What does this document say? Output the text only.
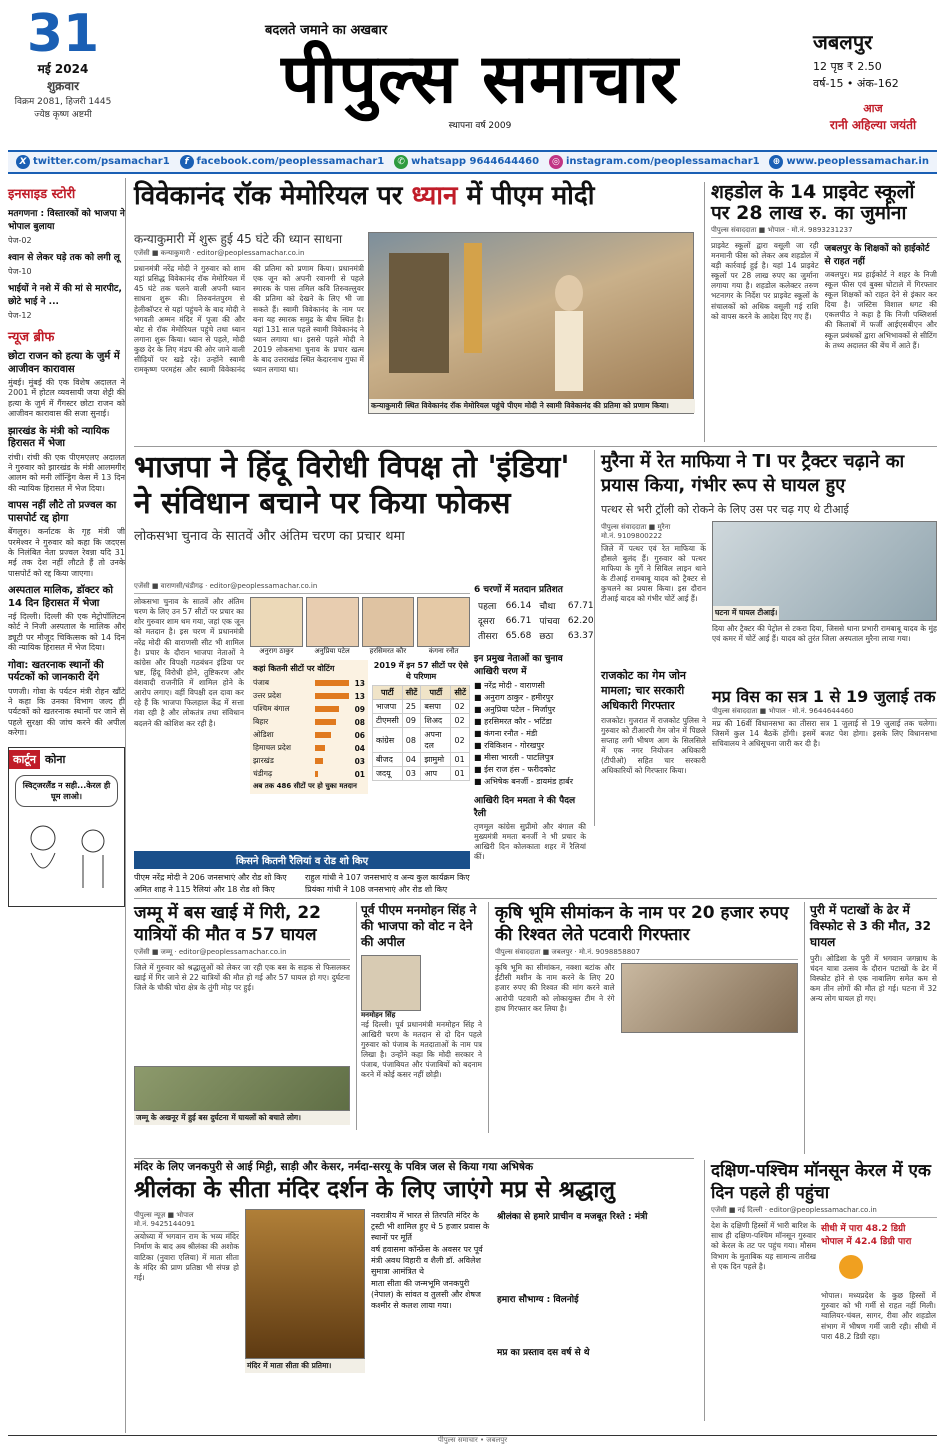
31
मई 2024
शुक्रवार
विक्रम 2081, हिजरी 1445
ज्येष्ठ कृष्ण अष्टमी
बदलते जमाने का अखबार
पीपुल्स समाचार
स्थापना वर्ष 2009
जबलपुर
12 पृष्ठ ₹ 2.50
वर्ष-15 • अंक-162
आज
रानी अहिल्या जयंती
X twitter.com/psamachar1	f facebook.com/peoplessamachar1	✆ whatsapp 9644644460	◎ instagram.com/peoplessamachar1	⊕ www.peoplessamachar.in
इनसाइड स्टोरी
मतगणना : विस्तारकों को भाजपा ने भोपाल बुलाया
पेज-02
श्वान से लेकर घड़े तक को लगी लू
पेज-10
भाईयों ने नशे में की मां से मारपीट, छोटे भाई ने ...
पेज-12
न्यूज ब्रीफ
छोटा राजन को हत्या के जुर्म में आजीवन कारावास
मुंबई। मुंबई की एक विशेष अदालत ने 2001 में होटल व्यवसायी जया शेट्टी की हत्या के जुर्म में गैंगस्टर छोटा राजन को आजीवन कारावास की सजा सुनाई।
झारखंड के मंत्री को न्यायिक हिरासत में भेजा
रांची। रांची की एक पीएमएलए अदालत ने गुरुवार को झारखंड के मंत्री आलमगीर आलम को मनी लॉन्ड्रिंग केस में 13 दिन की न्यायिक हिरासत में भेज दिया।
वापस नहीं लौटे तो प्रज्वल का पासपोर्ट रद्द होगा
बेंगलुरु। कर्नाटक के गृह मंत्री जी परमेश्वर ने गुरुवार को कहा कि जदएस के निलंबित नेता प्रज्वल रेवन्ना यदि 31 मई तक देश नहीं लौटते हैं तो उनके पासपोर्ट को रद्द किया जाएगा।
अस्पताल मालिक, डॉक्टर को 14 दिन हिरासत में भेजा
नई दिल्ली। दिल्ली की एक मेट्रोपॉलिटन कोर्ट ने निजी अस्पताल के मालिक और ड्यूटी पर मौजूद चिकित्सक को 14 दिन की न्यायिक हिरासत में भेज दिया।
गोवा: खतरनाक स्थानों की पर्यटकों को जानकारी देंगे
पणजी। गोवा के पर्यटन मंत्री रोहन खौंटे ने कहा कि उनका विभाग जल्द ही पर्यटकों को खतरनाक स्थानों पर जाने से पहले सुरक्षा की जांच करने की अपील करेगा।
कार्टून कोना
स्विट्जरलैंड न सही...केरल ही घूम लाओ।
विवेकानंद रॉक मेमोरियल पर ध्यान में पीएम मोदी
कन्याकुमारी में शुरू हुई 45 घंटे की ध्यान साधना
एजेंसी ■ कन्याकुमारी · editor@peoplessamachar.co.in
प्रधानमंत्री नरेंद्र मोदी ने गुरुवार को शाम यहां प्रसिद्ध विवेकानंद रॉक मेमोरियल में 45 घंटे तक चलने वाली अपनी ध्यान साधना शुरू की। तिरुवनंतपुरम से हेलीकॉप्टर से यहां पहुंचने के बाद मोदी ने भगवती अम्मन मंदिर में पूजा की और बोट से रॉक मेमोरियल पहुंचे तथा ध्यान लगाना शुरू किया। ध्यान से पहले, मोदी कुछ देर के लिए मंडप की ओर जाने वाली सीढ़ियों पर खड़े रहे। उन्होंने स्वामी रामकृष्ण परमहंस और स्वामी विवेकानंद की प्रतिमा को प्रणाम किया। प्रधानमंत्री एक जून को अपनी रवानगी से पहले स्मारक के पास तमिल कवि तिरुवल्लुवर की प्रतिमा को देखने के लिए भी जा सकते हैं। स्वामी विवेकानंद के नाम पर बना यह स्मारक समुद्र के बीच स्थित है। यहां 131 साल पहले स्वामी विवेकानंद ने ध्यान लगाया था। इससे पहले मोदी ने 2019 लोकसभा चुनाव के प्रचार खत्म के बाद उत्तराखंड स्थित केदारनाथ गुफा में ध्यान लगाया था।
कन्याकुमारी स्थित विवेकानंद रॉक मेमोरियल पहुंचे पीएम मोदी ने स्वामी विवेकानंद की प्रतिमा को प्रणाम किया।
शहडोल के 14 प्राइवेट स्कूलों पर 28 लाख रु. का जुर्माना
पीपुल्स संवाददाता ■ भोपाल · मो.नं. 9893231237
प्राइवेट स्कूलों द्वारा वसूली जा रही मनमानी फीस को लेकर अब शहडोल में बड़ी कार्रवाई हुई है। यहां 14 प्राइवेट स्कूलों पर 28 लाख रुपए का जुर्माना लगाया गया है। शहडोल कलेक्टर तरुण भटनागर के निर्देश पर प्राइवेट स्कूलों के संचालकों को अधिक वसूली गई राशि को वापस करने के आदेश दिए गए हैं।
जबलपुर के शिक्षकों को हाईकोर्ट से राहत नहीं
जबलपुर। मप्र हाईकोर्ट ने शहर के निजी स्कूल फीस एवं बुक्स घोटाले में गिरफ्तार स्कूल शिक्षकों को राहत देने से इंकार कर दिया है। जस्टिस विशाल धगट की एकलपीठ ने कहा है कि निजी पब्लिशर्स की किताबों में फर्जी आईएसबीएन और स्कूल प्रबंधकों द्वारा अभिभावकों से सीटिंग के तथ्य अदालत की बेंच में आते हैं।
भाजपा ने हिंदू विरोधी विपक्ष तो 'इंडिया' ने संविधान बचाने पर किया फोकस
लोकसभा चुनाव के सातवें और अंतिम चरण का प्रचार थमा
एजेंसी ■ वाराणसी/चंडीगढ़ · editor@peoplessamachar.co.in
लोकसभा चुनाव के सातवें और अंतिम चरण के लिए उन 57 सीटों पर प्रचार का शोर गुरुवार शाम थम गया, जहां एक जून को मतदान है। इस चरण में प्रधानमंत्री नरेंद्र मोदी की वाराणसी सीट भी शामिल है। प्रचार के दौरान भाजपा नेताओं ने कांग्रेस और विपक्षी गठबंधन इंडिया पर भ्रष्ट, हिंदू विरोधी होने, तुष्टिकरण और वंशवादी राजनीति में शामिल होने के आरोप लगाए। वहीं विपक्षी दल दावा कर रहे हैं कि भाजपा फिलहाल केंद्र में सत्ता गंवा रही है और लोकतंत्र तथा संविधान बदलने की कोशिश कर रही है।
अनुराग ठाकुर	अनुप्रिया पटेल	हरसिमरत कौर	कंगना रनौत
कहां कितनी सीटों पर वोटिंग
पंजाब	13
उत्तर प्रदेश	13
पश्चिम बंगाल	09
बिहार	08
ओडिशा	06
हिमाचल प्रदेश	04
झारखंड	03
चंडीगढ़	01
अब तक 486 सीटों पर हो चुका मतदान
2019 में इन 57 सीटों पर ऐसे थे परिणाम
पार्टी	सीटें	पार्टी	सीटें
भाजपा	25	बसपा	02
टीएमसी	09	शिअद	02
कांग्रेस	08	अपना दल	02
बीजद	04	झामुमो	01
जदयू	03	आप	01
किसने कितनी रैलियां व रोड शो किए
पीएम नरेंद्र मोदी ने 206 जनसभाएं और रोड शो किए
अमित शाह ने 115 रैलियां और 18 रोड शो किए
राहुल गांधी ने 107 जनसभाएं व अन्य कुल कार्यक्रम किए
प्रियंका गांधी ने 108 जनसभाएं और रोड शो किए
6 चरणों में मतदान प्रतिशत
पहला	66.14	चौथा	67.71
दूसरा	66.71	पांचवा	62.20
तीसरा	65.68	छठा	63.37
इन प्रमुख नेताओं का चुनाव आखिरी चरण में
■ नरेंद्र मोदी - वाराणसी
■ अनुराग ठाकुर - हमीरपुर
■ अनुप्रिया पटेल - मिर्जापुर
■ हरसिमरत कौर - भटिंडा
■ कंगना रनौत - मंडी
■ रविकिशन - गोरखपुर
■ मीसा भारती - पाटलिपुत्र
■ ईस राज हंस - फरीदकोट
■ अभिषेक बनर्जी - डायमंड हार्बर
आखिरी दिन ममता ने की पैदल रैली
तृणमूल कांग्रेस सुप्रीमो और बंगाल की मुख्यमंत्री ममता बनर्जी ने भी प्रचार के आखिरी दिन कोलकाता शहर में रैलियां कीं।
मुरैना में रेत माफिया ने TI पर ट्रैक्टर चढ़ाने का प्रयास किया, गंभीर रूप से घायल हुए
पत्थर से भरी ट्रॉली को रोकने के लिए उस पर चढ़ गए थे टीआई
पीपुल्स संवाददाता ■ मुरैना
मो.नं. 9109800222
जिले में पत्थर एवं रेत माफिया के हौसले बुलंद हैं। गुरुवार को पत्थर माफिया के गुर्गे ने सिविल लाइन थाने के टीआई रामबाबू यादव को ट्रैक्टर से कुचलने का प्रयास किया। इस दौरान टीआई यादव को गंभीर चोटें आई हैं।
राजकोट का गेम जोन मामला; चार सरकारी अधिकारी गिरफ्तार
राजकोट। गुजरात में राजकोट पुलिस ने गुरुवार को टीआरपी गेम जोन में पिछले सप्ताह लगी भीषण आग के सिलसिले में एक नगर नियोजन अधिकारी (टीपीओ) सहित चार सरकारी अधिकारियों को गिरफ्तार किया।
घटना में घायल टीआई।
दिया और ट्रैक्टर की पेट्रोल से टकरा दिया, जिससे थाना प्रभारी रामबाबू यादव के मुंह एवं कमर में चोटें आई हैं। यादव को तुरंत जिला अस्पताल मुरैना लाया गया।
मप्र विस का सत्र 1 से 19 जुलाई तक
पीपुल्स संवाददाता ■ भोपाल · मो.नं. 9644644460
मप्र की 16वीं विधानसभा का तीसरा सत्र 1 जुलाई से 19 जुलाई तक चलेगा। जिसमें कुल 14 बैठकें होंगी। इसमें बजट पेश होगा। इसके लिए विधानसभा सचिवालय ने अधिसूचना जारी कर दी है।
जम्मू में बस खाई में गिरी, 22 यात्रियों की मौत व 57 घायल
एजेंसी ■ जम्मू · editor@peoplessamachar.co.in
जिले में गुरुवार को श्रद्धालुओं को लेकर जा रही एक बस के सड़क से फिसलकर खाई में गिर जाने से 22 यात्रियों की मौत हो गई और 57 घायल हो गए। दुर्घटना जिले के चौकी चोरा क्षेत्र के तुंगी मोड़ पर हुई।
जम्मू के अखनूर में हुई बस दुर्घटना में घायलों को बचाते लोग।
पूर्व पीएम मनमोहन सिंह ने की भाजपा को वोट न देने की अपील
मनमोहन सिंह
नई दिल्ली। पूर्व प्रधानमंत्री मनमोहन सिंह ने आखिरी चरण के मतदान से दो दिन पहले गुरुवार को पंजाब के मतदाताओं के नाम पत्र लिखा है। उन्होंने कहा कि मोदी सरकार ने पंजाब, पंजाबियत और पंजाबियों को बदनाम करने में कोई कसर नहीं छोड़ी।
कृषि भूमि सीमांकन के नाम पर 20 हजार रुपए की रिश्वत लेते पटवारी गिरफ्तार
पीपुल्स संवाददाता ■ जबलपुर · मो.नं. 9098858807
कृषि भूमि का सीमांकन, नक्शा बटांक और ईंटीसी मशीन के नाम करने के लिए 20 हजार रुपए की रिश्वत की मांग करने वाले आरोपी पटवारी को लोकायुक्त टीम ने रंगे हाथ गिरफ्तार कर लिया है।
पुरी में पटाखों के ढेर में विस्फोट से 3 की मौत, 32 घायल
पुरी। ओडिशा के पुरी में भगवान जगन्नाथ के चंदन यात्रा उत्सव के दौरान पटाखों के ढेर में विस्फोट होने से एक नाबालिग समेत कम से कम तीन लोगों की मौत हो गई। घटना में 32 अन्य लोग घायल हो गए।
मंदिर के लिए जनकपुरी से आई मिट्टी, साड़ी और केसर, नर्मदा-सरयू के पवित्र जल से किया गया अभिषेक
श्रीलंका के सीता मंदिर दर्शन के लिए जाएंगे मप्र से श्रद्धालु
पीपुल्स न्यूज़ ■ भोपाल
मो.नं. 9425144091
अयोध्या में भगवान राम के भव्य मंदिर निर्माण के बाद अब श्रीलंका की अशोक वाटिका (नुवारा एलिया) में माता सीता के मंदिर की प्राण प्रतिष्ठा भी संपन्न हो गई।
मंदिर में माता सीता की प्रतिमा।
नवरात्रीय में भारत से तिरपति मंदिर के ट्रस्टी भी शामिल हुए थे 5 हजार प्रवास के स्थानों पर मूर्ति
वर्ष हवासमा कॉन्फ्रेंस के अवसर पर पूर्व मंत्री अवध विहारी व शैली डॉ. अविलेश सुमात्रा आमंत्रित थे
माता सीता की जन्मभूमि जनकपुरी (नेपाल) के सांवत व तुलसी और शेषज कश्मीर से कलश लाया गया।
श्रीलंका से हमारे प्राचीन व मजबूत रिश्ते : मंत्री
हमारा सौभाग्य : विलनोई
मप्र का प्रस्ताव दस वर्ष से थे
दक्षिण-पश्चिम मॉनसून केरल में एक दिन पहले ही पहुंचा
एजेंसी ■ नई दिल्ली · editor@peoplessamachar.co.in
देश के दक्षिणी हिस्सों में भारी बारिश के साथ ही दक्षिण-पश्चिम मॉनसून गुरुवार को केरल के तट पर पहुंच गया। मौसम विभाग के मुताबिक यह सामान्य तारीख से एक दिन पहले है।
सीधी में पारा 48.2 डिग्री
भोपाल में 42.4 डिग्री पारा
भोपाल। मध्यप्रदेश के कुछ हिस्सों में गुरुवार को भी गर्मी से राहत नहीं मिली। ग्वालियर-चंबल, सागर, रीवा और शहडोल संभाग में भीषण गर्मी जारी रही। सीधी में पारा 48.2 डिग्री रहा।
पीपुल्स समाचार • जबलपुर
